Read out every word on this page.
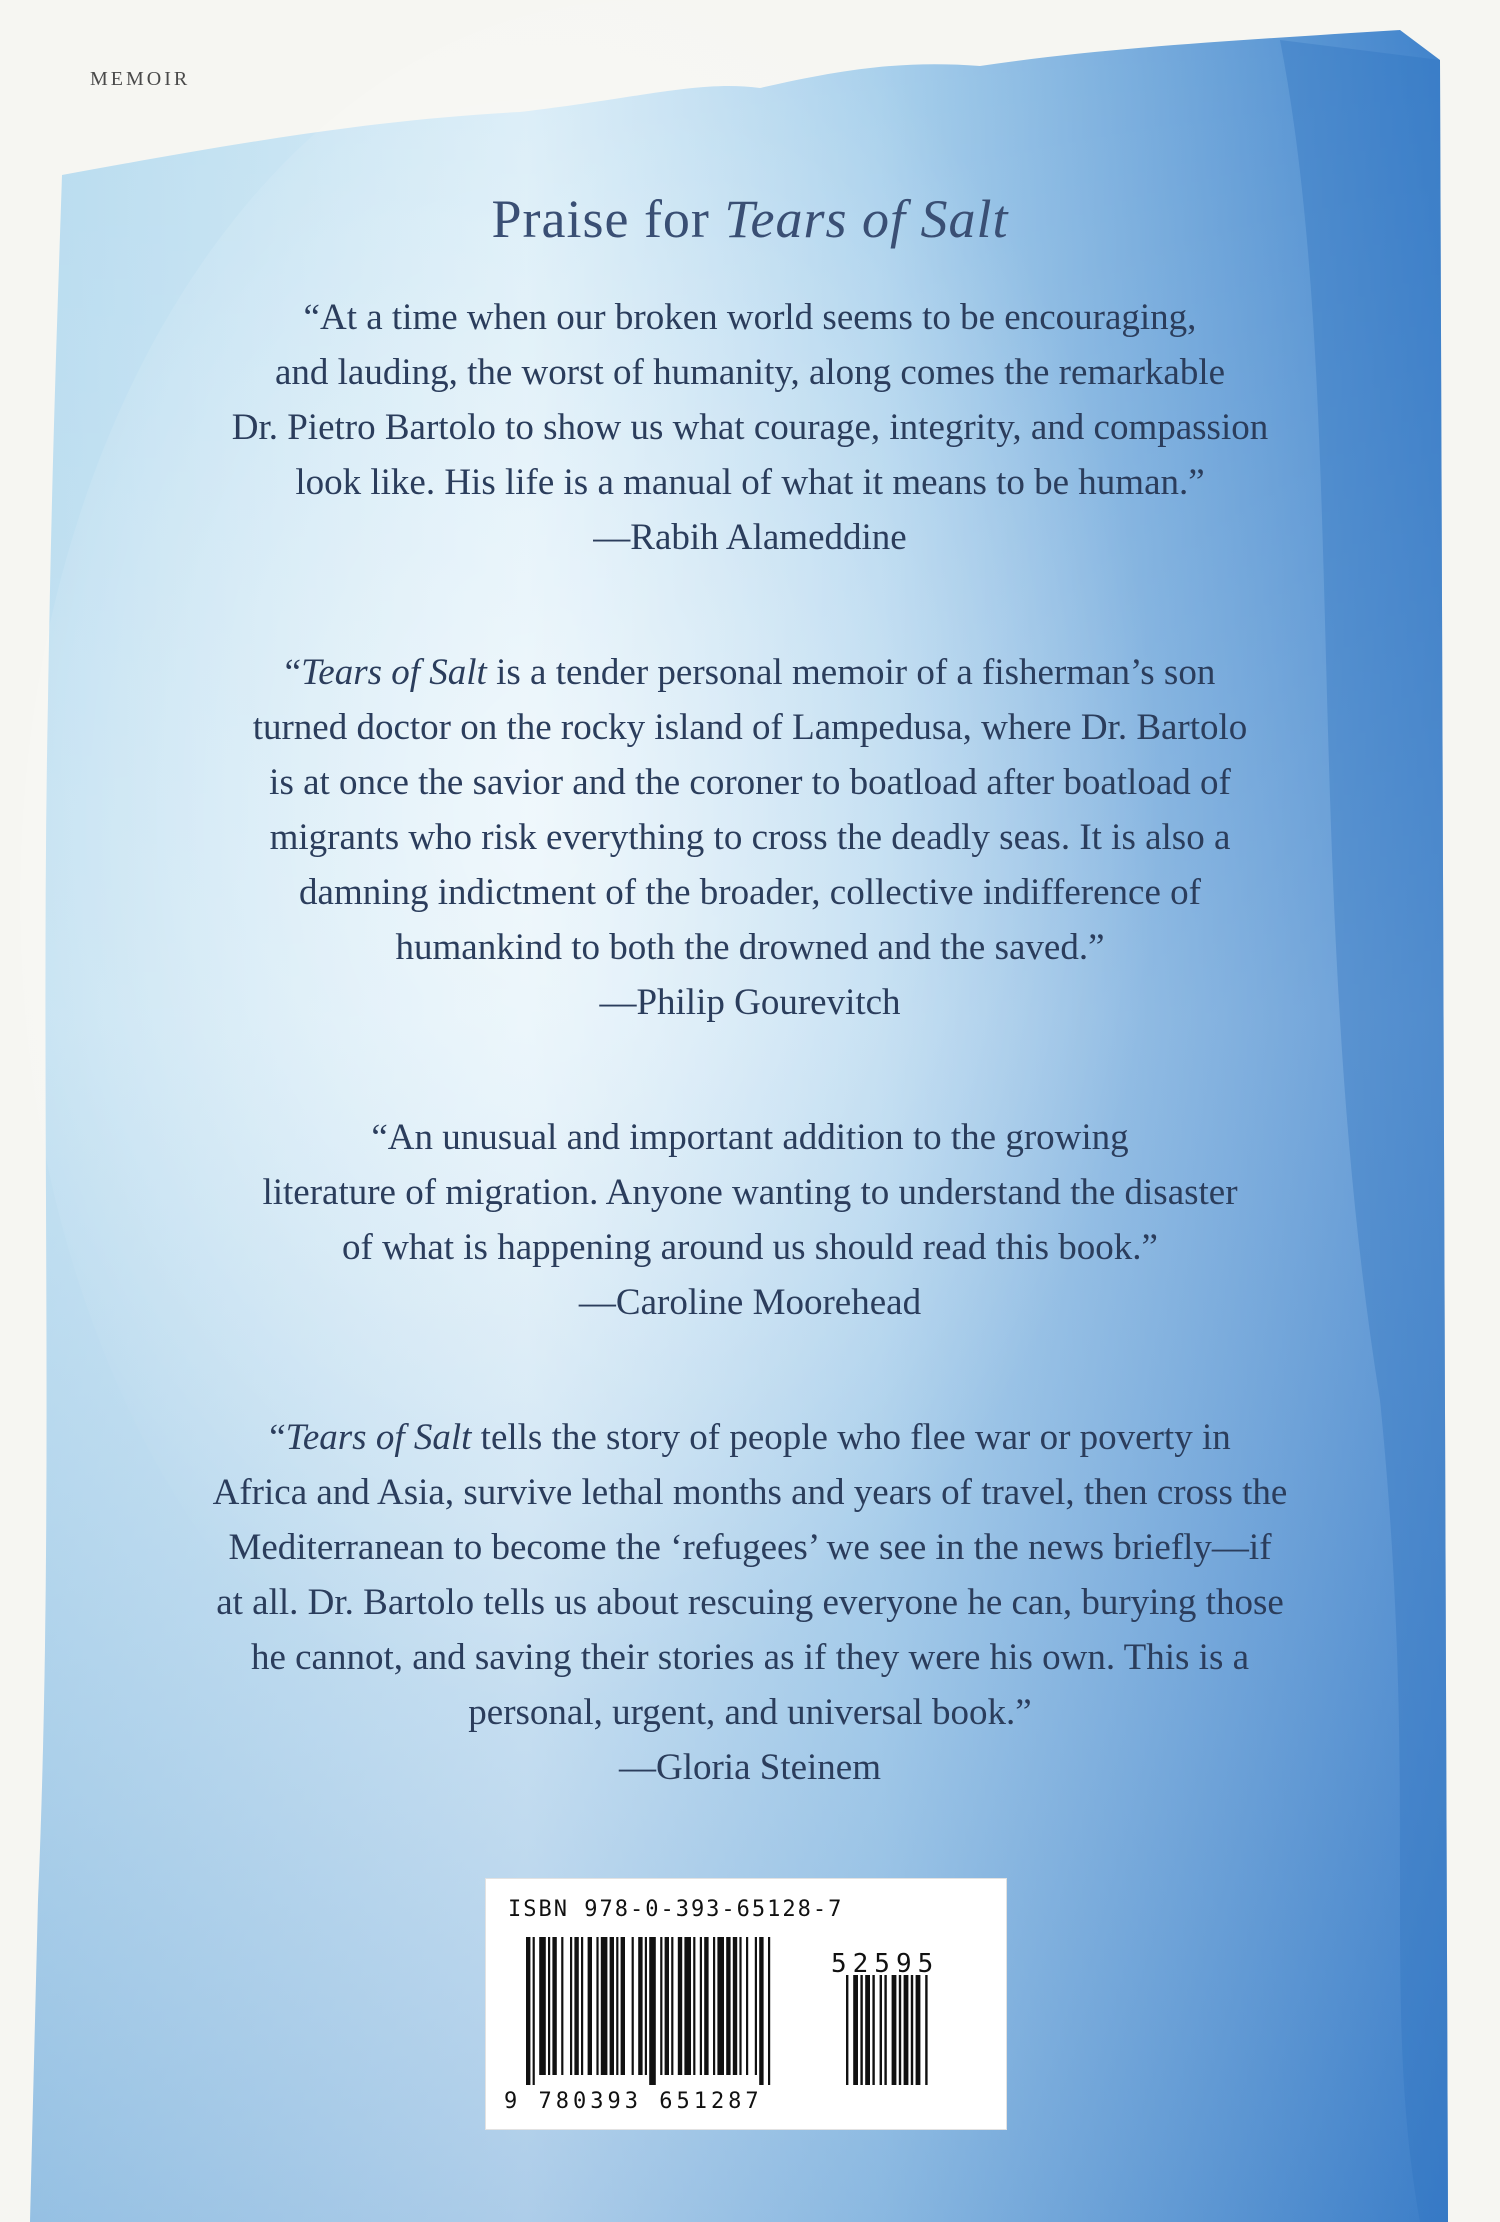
MEMOIR
Praise for Tears of Salt

“At a time when our broken world seems to be encouraging,

and lauding, the worst of humanity, along comes the remarkable

Dr. Pietro Bartolo to show us what courage, integrity, and compassion

look like. His life is a manual of what it means to be human.”

—Rabih Alameddine

“Tears of Salt is a tender personal memoir of a fisherman’s son

turned doctor on the rocky island of Lampedusa, where Dr. Bartolo

is at once the savior and the coroner to boatload after boatload of

migrants who risk everything to cross the deadly seas. It is also a

damning indictment of the broader, collective indifference of

humankind to both the drowned and the saved.”

—Philip Gourevitch

“An unusual and important addition to the growing

literature of migration. Anyone wanting to understand the disaster

of what is happening around us should read this book.”

—Caroline Moorehead

“Tears of Salt tells the story of people who flee war or poverty in

Africa and Asia, survive lethal months and years of travel, then cross the

Mediterranean to become the ‘refugees’ we see in the news briefly—if

at all. Dr. Bartolo tells us about rescuing everyone he can, burying those

he cannot, and saving their stories as if they were his own. This is a

personal, urgent, and universal book.”

—Gloria Steinem

ISBN 978-0-393-65128-7
52595
9 780393 651287
